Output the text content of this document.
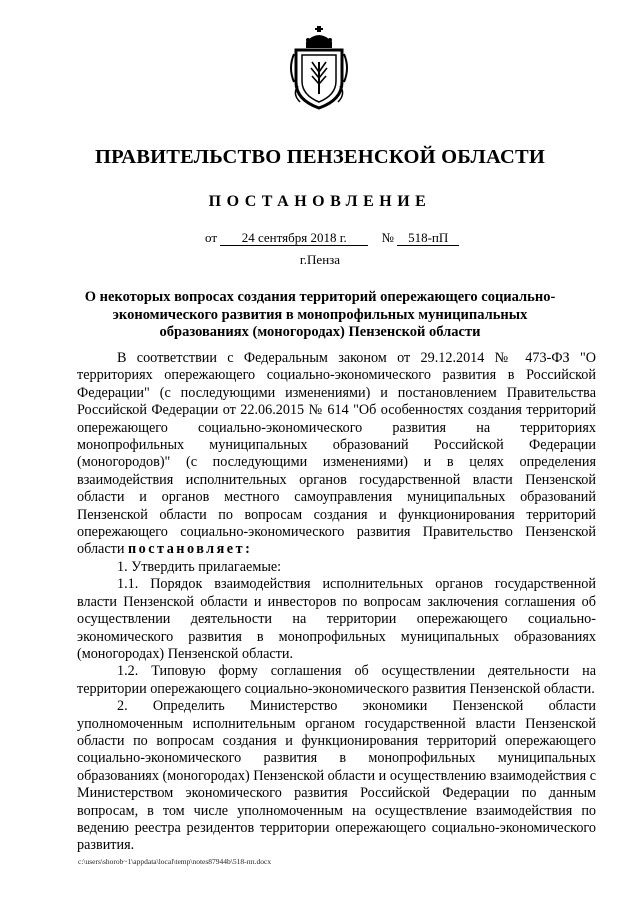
ПРАВИТЕЛЬСТВО ПЕНЗЕНСКОЙ ОБЛАСТИ
ПОСТАНОВЛЕНИЕ
от 24 сентября 2018 г.	№ 518-пП
г.Пенза
О некоторых вопросах создания территорий опережающего социально-экономического развития в монопрофильных муниципальных образованиях (моногородах) Пензенской области

В соответствии с Федеральным законом от 29.12.2014 № 473-ФЗ "О территориях опережающего социально-экономического развития в Российской Федерации" (с последующими изменениями) и постановлением Правительства Российской Федерации от 22.06.2015 № 614 "Об особенностях создания территорий опережающего социально-экономического развития на территориях монопрофильных муниципальных образований Российской Федерации (моногородов)" (с последующими изменениями) и в целях определения взаимодействия исполнительных органов государственной власти Пензенской области и органов местного самоуправления муниципальных образований Пензенской области по вопросам создания и функционирования территорий опережающего социально-экономического развития Правительство Пензенской области постановляет:

1. Утвердить прилагаемые:

1.1. Порядок взаимодействия исполнительных органов государственной власти Пензенской области и инвесторов по вопросам заключения соглашения об осуществлении деятельности на территории опережающего социально-экономического развития в монопрофильных муниципальных образованиях (моногородах) Пензенской области.

1.2. Типовую форму соглашения об осуществлении деятельности на территории опережающего социально-экономического развития Пензенской области.

2. Определить Министерство экономики Пензенской области уполномоченным исполнительным органом государственной власти Пензенской области по вопросам создания и функционирования территорий опережающего социально-экономического развития в монопрофильных муниципальных образованиях (моногородах) Пензенской области и осуществлению взаимодействия с Министерством экономического развития Российской Федерации по данным вопросам, в том числе уполномоченным на осуществление взаимодействия по ведению реестра резидентов территории опережающего социально-экономического развития.

c:\users\shorob~1\appdata\local\temp\notes87944b\518-пп.docx
